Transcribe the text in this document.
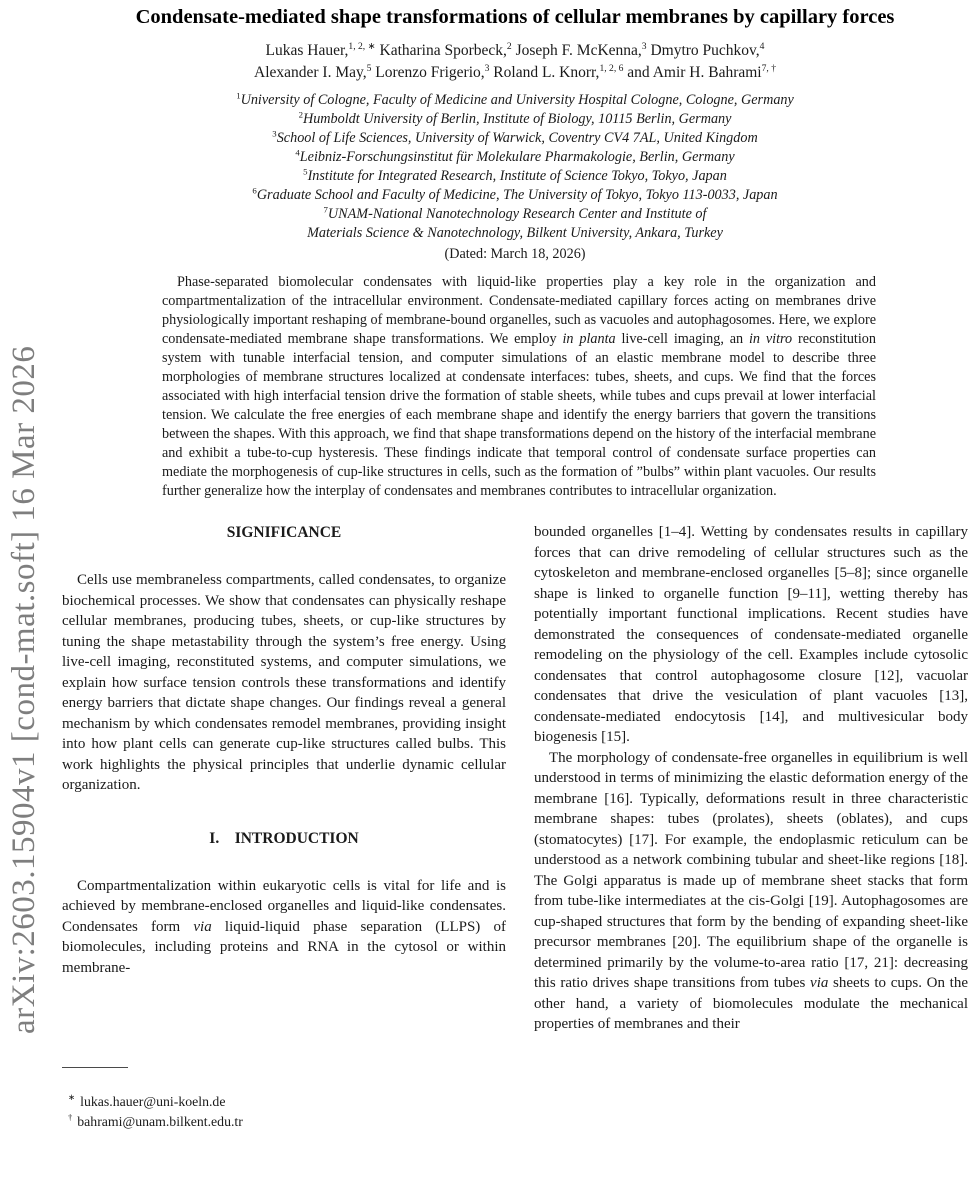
arXiv:2603.15904v1 [cond-mat.soft] 16 Mar 2026
Condensate-mediated shape transformations of cellular membranes by capillary forces
Lukas Hauer,$^{1, 2, ∗}$ Katharina Sporbeck,$^2$ Joseph F. McKenna,$^3$ Dmytro Puchkov,$^4$
Alexander I. May,$^5$ Lorenzo Frigerio,$^3$ Roland L. Knorr,$^{1, 2, 6}$ and Amir H. Bahrami$^{7, \dagger}$
$^1$University of Cologne, Faculty of Medicine and University Hospital Cologne, Cologne, Germany
$^2$Humboldt University of Berlin, Institute of Biology, 10115 Berlin, Germany
$^3$School of Life Sciences, University of Warwick, Coventry CV4 7AL, United Kingdom
$^4$Leibniz-Forschungsinstitut für Molekulare Pharmakologie, Berlin, Germany
$^5$Institute for Integrated Research, Institute of Science Tokyo, Tokyo, Japan
$^6$Graduate School and Faculty of Medicine, The University of Tokyo, Tokyo 113-0033, Japan
$^7$UNAM-National Nanotechnology Research Center and Institute of
Materials Science & Nanotechnology, Bilkent University, Ankara, Turkey
(Dated: March 18, 2026)

Phase-separated biomolecular condensates with liquid-like properties play a key role in the organization and compartmentalization of the intracellular environment. Condensate-mediated capillary forces acting on membranes drive physiologically important reshaping of membrane-bound organelles, such as vacuoles and autophagosomes. Here, we explore condensate-mediated membrane shape transformations. We employ in planta live-cell imaging, an in vitro reconstitution system with tunable interfacial tension, and computer simulations of an elastic membrane model to describe three morphologies of membrane structures localized at condensate interfaces: tubes, sheets, and cups. We find that the forces associated with high interfacial tension drive the formation of stable sheets, while tubes and cups prevail at lower interfacial tension. We calculate the free energies of each membrane shape and identify the energy barriers that govern the transitions between the shapes. With this approach, we find that shape transformations depend on the history of the interfacial membrane and exhibit a tube-to-cup hysteresis. These findings indicate that temporal control of condensate surface properties can mediate the morphogenesis of cup-like structures in cells, such as the formation of ”bulbs” within plant vacuoles. Our results further generalize how the interplay of condensates and membranes contributes to intracellular organization.

SIGNIFICANCE

Cells use membraneless compartments, called condensates, to organize biochemical processes. We show that condensates can physically reshape cellular membranes, producing tubes, sheets, or cup-like structures by tuning the shape metastability through the system’s free energy. Using live-cell imaging, reconstituted systems, and computer simulations, we explain how surface tension controls these transformations and identify energy barriers that dictate shape changes. Our findings reveal a general mechanism by which condensates remodel membranes, providing insight into how plant cells can generate cup-like structures called bulbs. This work highlights the physical principles that underlie dynamic cellular organization.

I. INTRODUCTION

Compartmentalization within eukaryotic cells is vital for life and is achieved by membrane-enclosed organelles and liquid-like condensates. Condensates form via liquid-liquid phase separation (LLPS) of biomolecules, including proteins and RNA in the cytosol or within membrane-

∗ lukas.hauer@uni-koeln.de
† bahrami@unam.bilkent.edu.tr

bounded organelles [1–4]. Wetting by condensates results in capillary forces that can drive remodeling of cellular structures such as the cytoskeleton and membrane-enclosed organelles [5–8]; since organelle shape is linked to organelle function [9–11], wetting thereby has potentially important functional implications. Recent studies have demonstrated the consequences of condensate-mediated organelle remodeling on the physiology of the cell. Examples include cytosolic condensates that control autophagosome closure [12], vacuolar condensates that drive the vesiculation of plant vacuoles [13], condensate-mediated endocytosis [14], and multivesicular body biogenesis [15].

The morphology of condensate-free organelles in equilibrium is well understood in terms of minimizing the elastic deformation energy of the membrane [16]. Typically, deformations result in three characteristic membrane shapes: tubes (prolates), sheets (oblates), and cups (stomatocytes) [17]. For example, the endoplasmic reticulum can be understood as a network combining tubular and sheet-like regions [18]. The Golgi apparatus is made up of membrane sheet stacks that form from tube-like intermediates at the cis-Golgi [19]. Autophagosomes are cup-shaped structures that form by the bending of expanding sheet-like precursor membranes [20]. The equilibrium shape of the organelle is determined primarily by the volume-to-area ratio [17, 21]: decreasing this ratio drives shape transitions from tubes via sheets to cups. On the other hand, a variety of biomolecules modulate the mechanical properties of membranes and their
